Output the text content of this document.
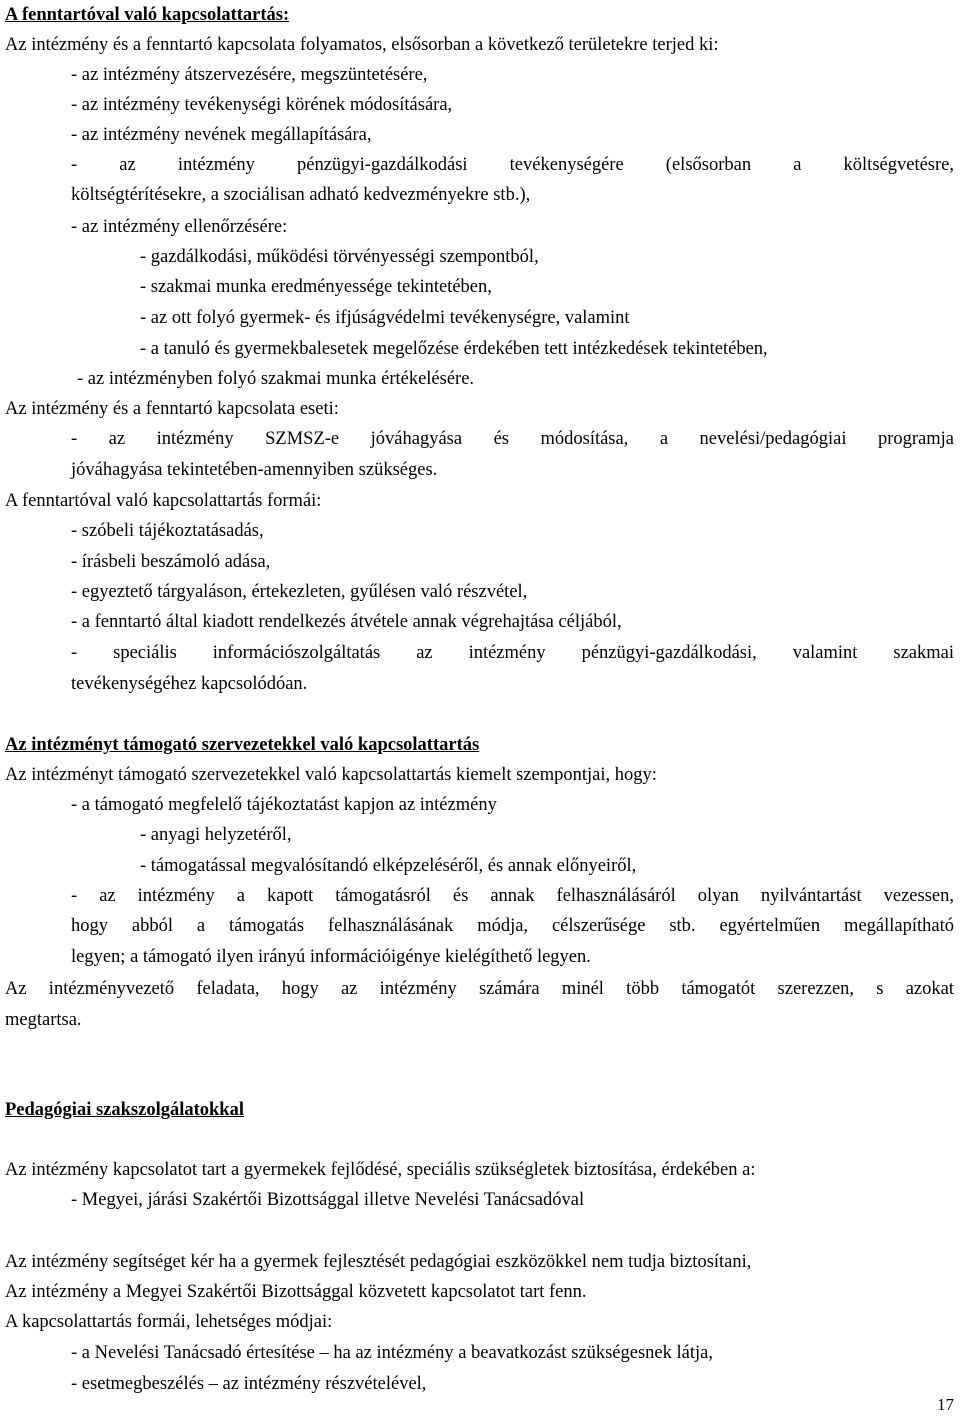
A fenntartóval való kapcsolattartás:
Az intézmény és a fenntartó kapcsolata folyamatos, elsősorban a következő területekre terjed ki:
- az intézmény átszervezésére, megszüntetésére,
- az intézmény tevékenységi körének módosítására,
- az intézmény nevének megállapítására,
- az intézmény pénzügyi-gazdálkodási tevékenységére (elsősorban a költségvetésre,
költségtérítésekre, a szociálisan adható kedvezményekre stb.),
- az intézmény ellenőrzésére:
- gazdálkodási, működési törvényességi szempontból,
- szakmai munka eredményessége tekintetében,
- az ott folyó gyermek- és ifjúságvédelmi tevékenységre, valamint
- a tanuló és gyermekbalesetek megelőzése érdekében tett intézkedések tekintetében,
- az intézményben folyó szakmai munka értékelésére.
Az intézmény és a fenntartó kapcsolata eseti:
- az intézmény SZMSZ-e jóváhagyása és módosítása, a nevelési/pedagógiai programja
jóváhagyása tekintetében-amennyiben szükséges.
A fenntartóval való kapcsolattartás formái:
- szóbeli tájékoztatásadás,
- írásbeli beszámoló adása,
- egyeztető tárgyaláson, értekezleten, gyűlésen való részvétel,
- a fenntartó által kiadott rendelkezés átvétele annak végrehajtása céljából,
- speciális információszolgáltatás az intézmény pénzügyi-gazdálkodási, valamint szakmai
tevékenységéhez kapcsolódóan.
Az intézményt támogató szervezetekkel való kapcsolattartás
Az intézményt támogató szervezetekkel való kapcsolattartás kiemelt szempontjai, hogy:
- a támogató megfelelő tájékoztatást kapjon az intézmény
- anyagi helyzetéről,
- támogatással megvalósítandó elképzeléséről, és annak előnyeiről,
- az intézmény a kapott támogatásról és annak felhasználásáról olyan nyilvántartást vezessen,
hogy abból a támogatás felhasználásának módja, célszerűsége stb. egyértelműen megállapítható
legyen; a támogató ilyen irányú információigénye kielégíthető legyen.
Az intézményvezető feladata, hogy az intézmény számára minél több támogatót szerezzen, s azokat
megtartsa.
Pedagógiai szakszolgálatokkal
Az intézmény kapcsolatot tart a gyermekek fejlődésé, speciális szükségletek biztosítása, érdekében a:
- Megyei, járási Szakértői Bizottsággal illetve Nevelési Tanácsadóval
Az intézmény segítséget kér ha a gyermek fejlesztését pedagógiai eszközökkel nem tudja biztosítani,
Az intézmény a Megyei Szakértői Bizottsággal közvetett kapcsolatot tart fenn.
A kapcsolattartás formái, lehetséges módjai:
- a Nevelési Tanácsadó értesítése – ha az intézmény a beavatkozást szükségesnek látja,
- esetmegbeszélés – az intézmény részvételével,
17
